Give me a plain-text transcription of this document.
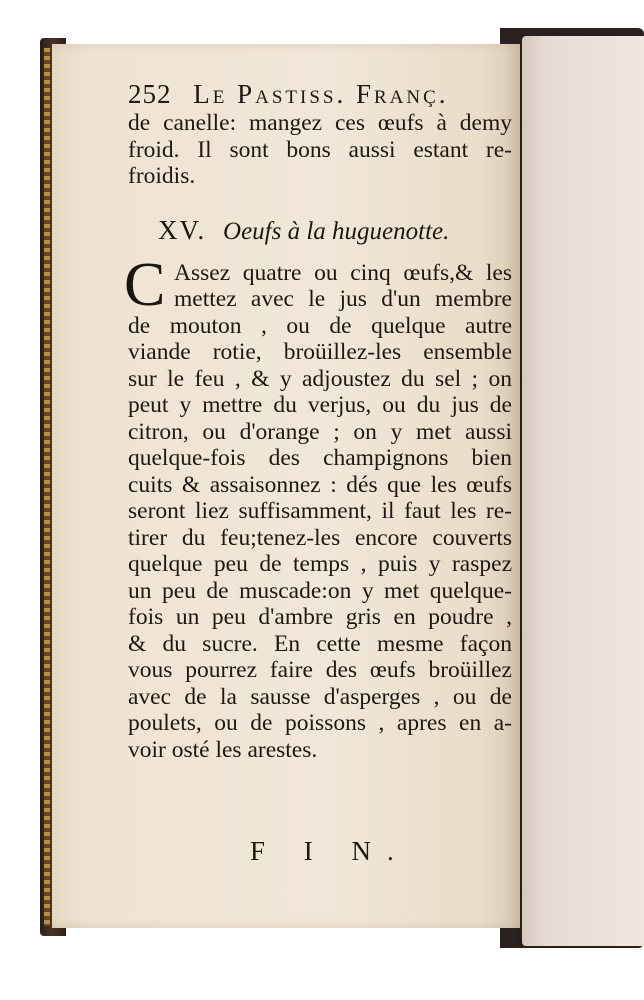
252 Le Pastiss. Franç.
de canelle: mangez ces œufs à demy
froid. Il sont bons aussi estant re-
froidis.
XV. Oeufs à la huguenotte.
C Assez quatre ou cinq œufs,& les
mettez avec le jus d'un membre
de mouton , ou de quelque autre
viande rotie, broüillez-les ensemble
sur le feu , & y adjoustez du sel ; on
peut y mettre du verjus, ou du jus de
citron, ou d'orange ; on y met aussi
quelque-fois des champignons bien
cuits & assaisonnez : dés que les œufs
seront liez suffisamment, il faut les re-
tirer du feu;tenez-les encore couverts
quelque peu de temps , puis y raspez
un peu de muscade:on y met quelque-
fois un peu d'ambre gris en poudre ,
& du sucre. En cette mesme façon
vous pourrez faire des œufs broüillez
avec de la sausse d'asperges , ou de
poulets, ou de poissons , apres en a-
voir osté les arestes.
F I N.
